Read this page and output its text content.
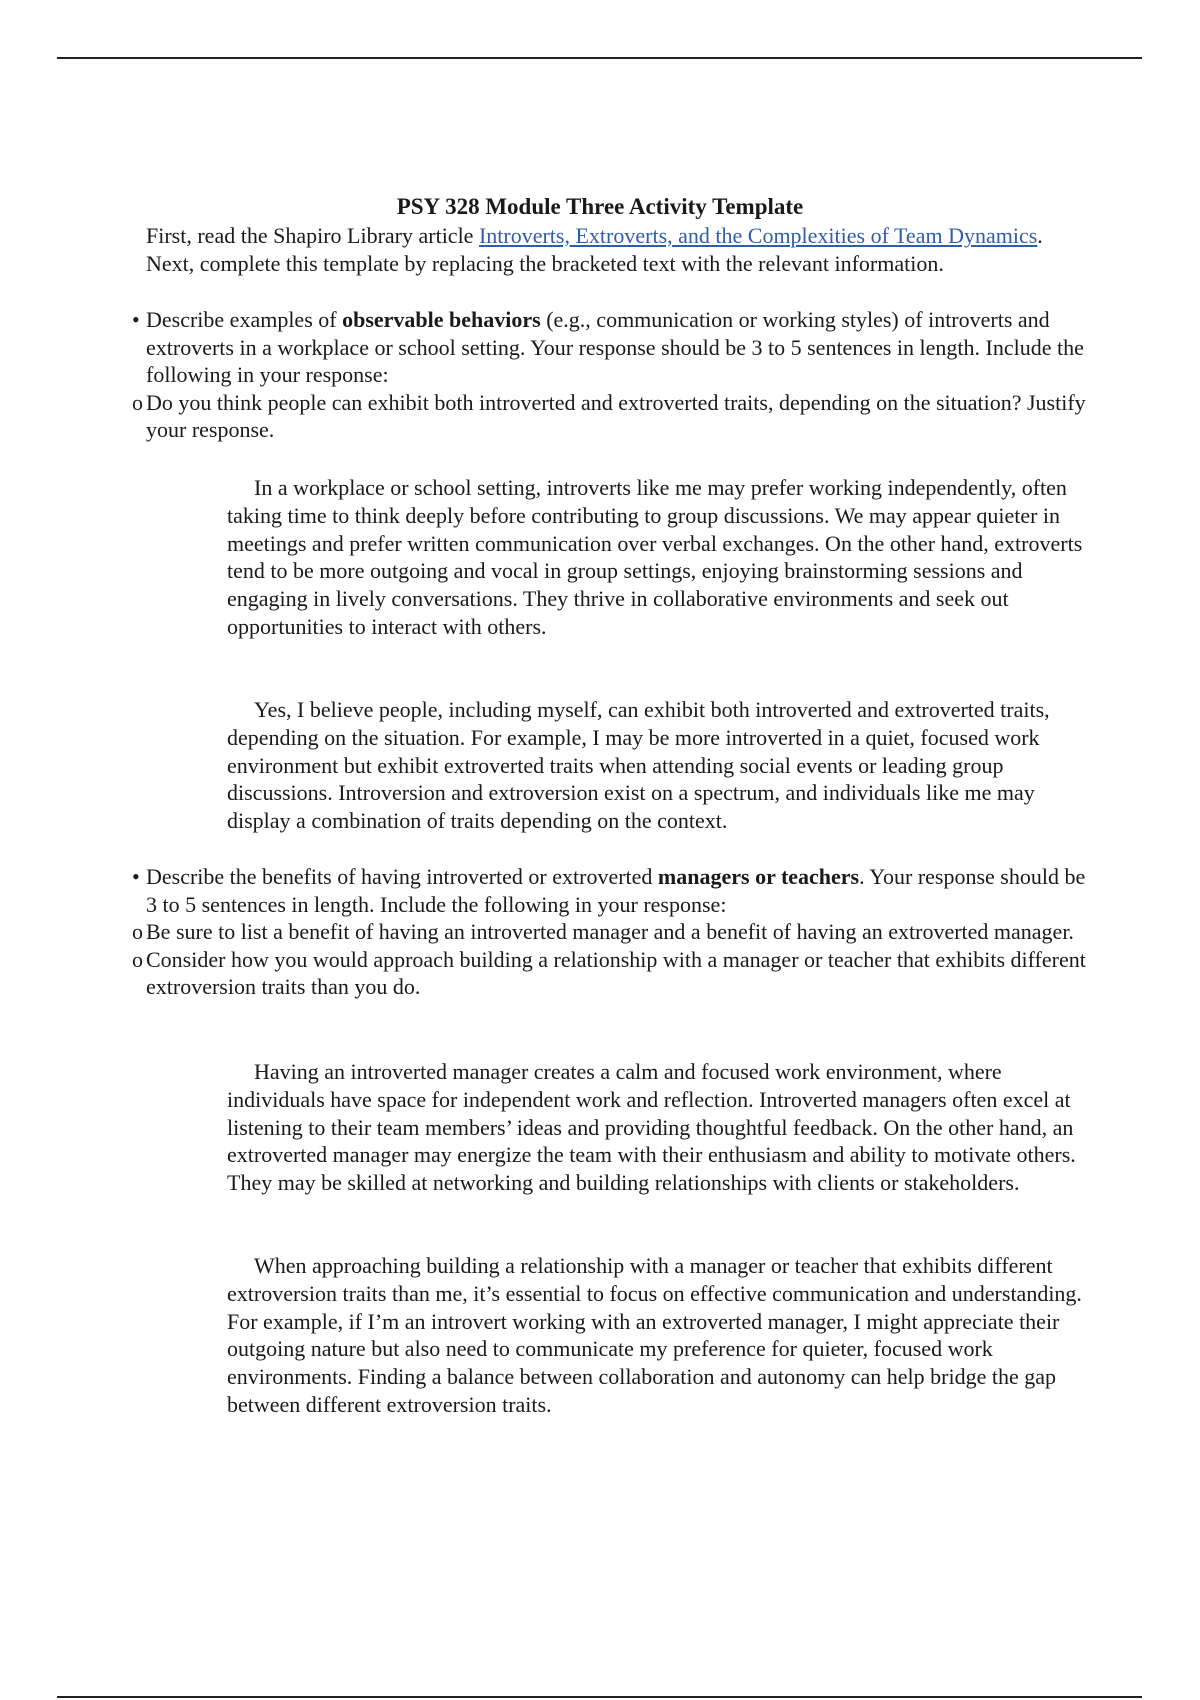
PSY 328 Module Three Activity Template
First, read the Shapiro Library article Introverts, Extroverts, and the Complexities of Team Dynamics. Next, complete this template by replacing the bracketed text with the relevant information.
• Describe examples of observable behaviors (e.g., communication or working styles) of introverts and extroverts in a workplace or school setting. Your response should be 3 to 5 sentences in length. Include the following in your response:
o Do you think people can exhibit both introverted and extroverted traits, depending on the situation? Justify your response.
In a workplace or school setting, introverts like me may prefer working independently, often taking time to think deeply before contributing to group discussions. We may appear quieter in meetings and prefer written communication over verbal exchanges. On the other hand, extroverts tend to be more outgoing and vocal in group settings, enjoying brainstorming sessions and engaging in lively conversations. They thrive in collaborative environments and seek out opportunities to interact with others.
Yes, I believe people, including myself, can exhibit both introverted and extroverted traits, depending on the situation. For example, I may be more introverted in a quiet, focused work environment but exhibit extroverted traits when attending social events or leading group discussions. Introversion and extroversion exist on a spectrum, and individuals like me may display a combination of traits depending on the context.
• Describe the benefits of having introverted or extroverted managers or teachers. Your response should be 3 to 5 sentences in length. Include the following in your response:
o Be sure to list a benefit of having an introverted manager and a benefit of having an extroverted manager.
o Consider how you would approach building a relationship with a manager or teacher that exhibits different extroversion traits than you do.
Having an introverted manager creates a calm and focused work environment, where individuals have space for independent work and reflection. Introverted managers often excel at listening to their team members’ ideas and providing thoughtful feedback. On the other hand, an extroverted manager may energize the team with their enthusiasm and ability to motivate others. They may be skilled at networking and building relationships with clients or stakeholders.
When approaching building a relationship with a manager or teacher that exhibits different extroversion traits than me, it’s essential to focus on effective communication and understanding. For example, if I’m an introvert working with an extroverted manager, I might appreciate their outgoing nature but also need to communicate my preference for quieter, focused work environments. Finding a balance between collaboration and autonomy can help bridge the gap between different extroversion traits.
